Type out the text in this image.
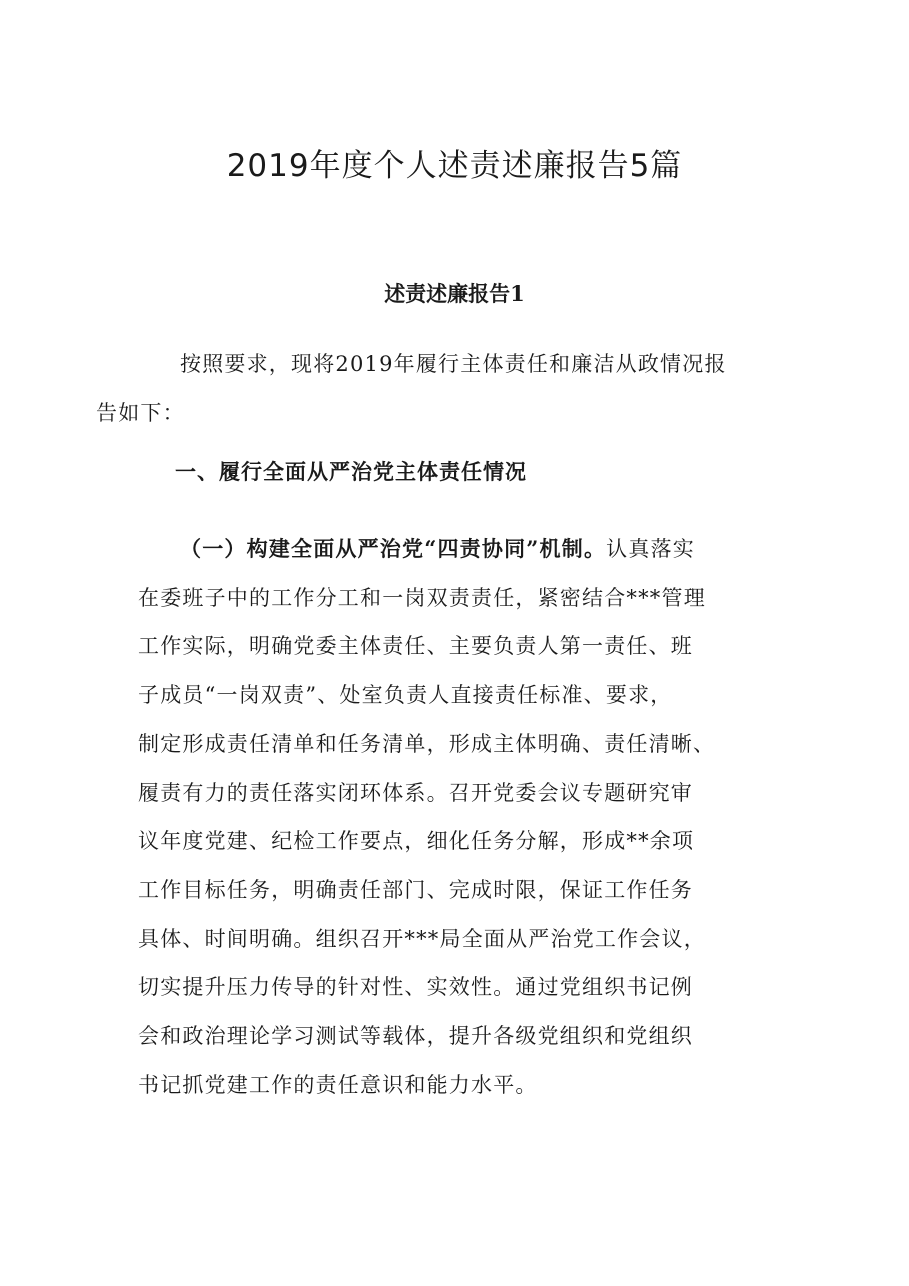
2019年度个人述责述廉报告5篇
述责述廉报告1

按照要求，现将2019年履行主体责任和廉洁从政情况报
告如下：

一、履行全面从严治党主体责任情况

（一）构建全面从严治党“四责协同”机制。认真落实
在委班子中的工作分工和一岗双责责任，紧密结合***管理
工作实际，明确党委主体责任、主要负责人第一责任、班
子成员“一岗双责”、处室负责人直接责任标准、要求，
制定形成责任清单和任务清单，形成主体明确、责任清晰、
履责有力的责任落实闭环体系。召开党委会议专题研究审
议年度党建、纪检工作要点，细化任务分解，形成**余项
工作目标任务，明确责任部门、完成时限，保证工作任务
具体、时间明确。组织召开***局全面从严治党工作会议，
切实提升压力传导的针对性、实效性。通过党组织书记例
会和政治理论学习测试等载体，提升各级党组织和党组织
书记抓党建工作的责任意识和能力水平。
